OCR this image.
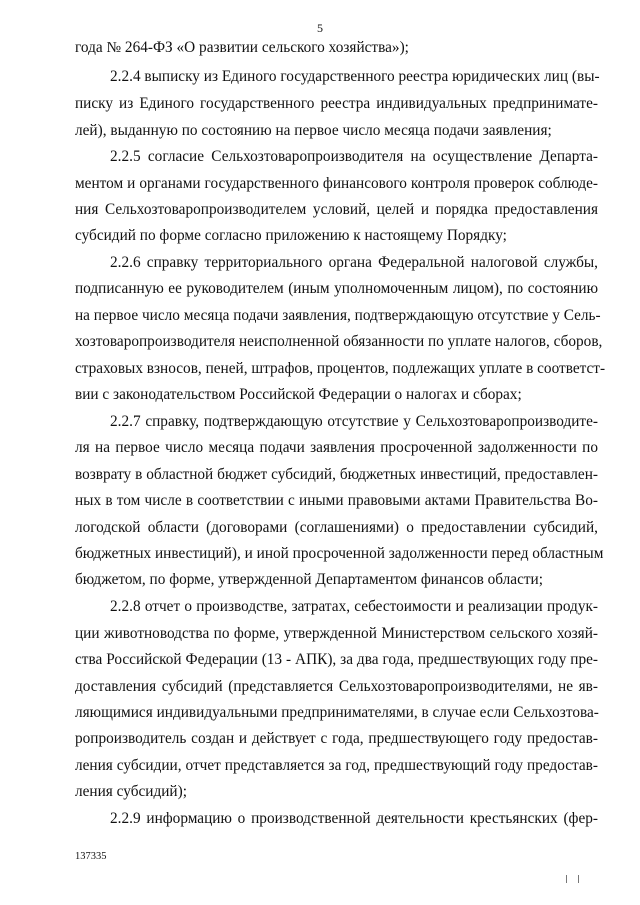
5

года № 264-ФЗ «О развитии сельского хозяйства»);

2.2.4 выписку из Единого государственного реестра юридических лиц (вы-

писку из Единого государственного реестра индивидуальных предпринимате-

лей), выданную по состоянию на первое число месяца подачи заявления;

2.2.5 согласие Сельхозтоваропроизводителя на осуществление Департа-

ментом и органами государственного финансового контроля проверок соблюде-

ния Сельхозтоваропроизводителем условий, целей и порядка предоставления

субсидий по форме согласно приложению к настоящему Порядку;

2.2.6 справку территориального органа Федеральной налоговой службы,

подписанную ее руководителем (иным уполномоченным лицом), по состоянию

на первое число месяца подачи заявления, подтверждающую отсутствие у Сель-

хозтоваропроизводителя неисполненной обязанности по уплате налогов, сборов,

страховых взносов, пеней, штрафов, процентов, подлежащих уплате в соответст-

вии с законодательством Российской Федерации о налогах и сборах;

2.2.7 справку, подтверждающую отсутствие у Сельхозтоваропроизводите-

ля на первое число месяца подачи заявления просроченной задолженности по

возврату в областной бюджет субсидий, бюджетных инвестиций, предоставлен-

ных в том числе в соответствии с иными правовыми актами Правительства Во-

логодской области (договорами (соглашениями) о предоставлении субсидий,

бюджетных инвестиций), и иной просроченной задолженности перед областным

бюджетом, по форме, утвержденной Департаментом финансов области;

2.2.8 отчет о производстве, затратах, себестоимости и реализации продук-

ции животноводства по форме, утвержденной Министерством сельского хозяй-

ства Российской Федерации (13 - АПК), за два года, предшествующих году пре-

доставления субсидий (представляется Сельхозтоваропроизводителями, не яв-

ляющимися индивидуальными предпринимателями, в случае если Сельхозтова-

ропроизводитель создан и действует с года, предшествующего году предостав-

ления субсидии, отчет представляется за год, предшествующий году предостав-

ления субсидий);

2.2.9 информацию о производственной деятельности крестьянских (фер-

137335
